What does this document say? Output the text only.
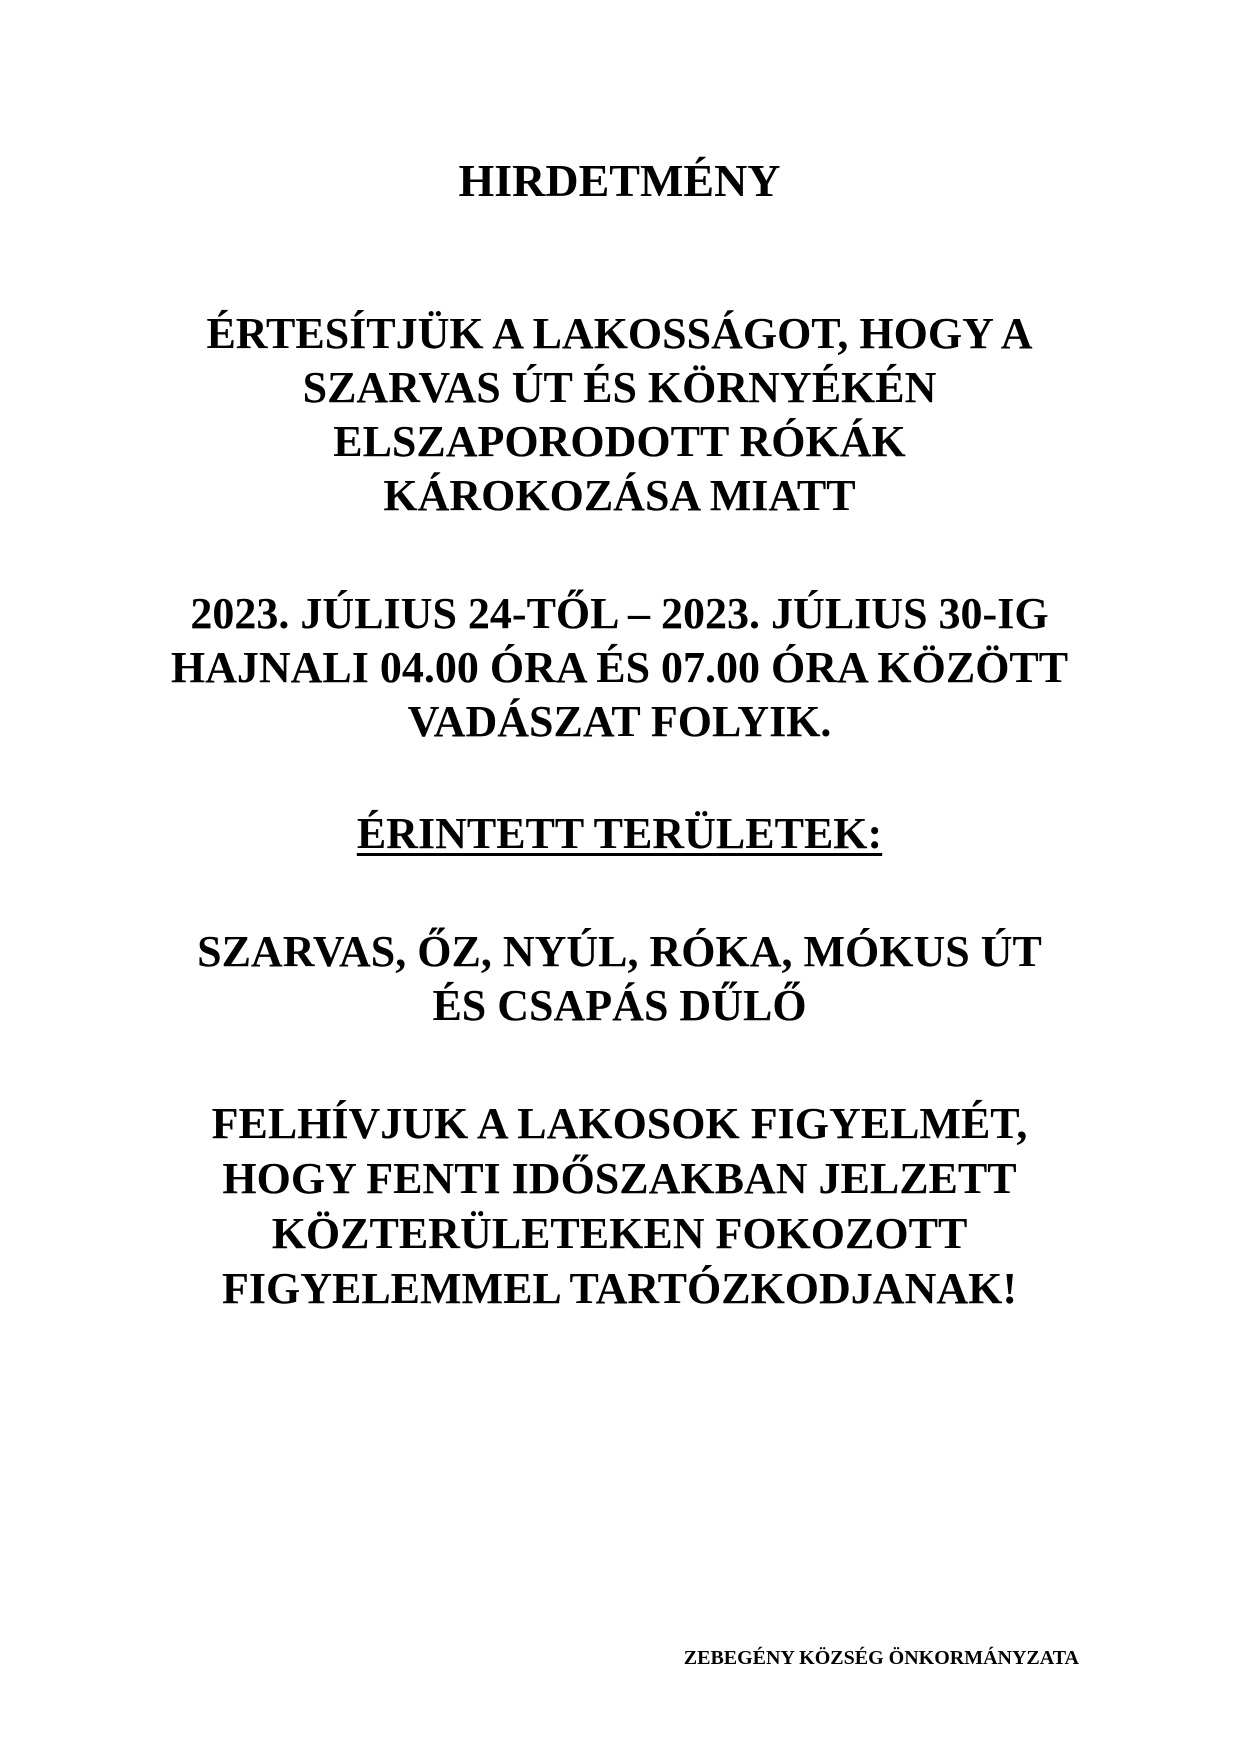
HIRDETMÉNY
ÉRTESÍTJÜK A LAKOSSÁGOT, HOGY A
SZARVAS ÚT ÉS KÖRNYÉKÉN
ELSZAPORODOTT RÓKÁK
KÁROKOZÁSA MIATT
2023. JÚLIUS 24-TŐL – 2023. JÚLIUS 30-IG
HAJNALI 04.00 ÓRA ÉS 07.00 ÓRA KÖZÖTT
VADÁSZAT FOLYIK.
ÉRINTETT TERÜLETEK:
SZARVAS, ŐZ, NYÚL, RÓKA, MÓKUS ÚT
ÉS CSAPÁS DŰLŐ
FELHÍVJUK A LAKOSOK FIGYELMÉT,
HOGY FENTI IDŐSZAKBAN JELZETT
KÖZTERÜLETEKEN FOKOZOTT
FIGYELEMMEL TARTÓZKODJANAK!
ZEBEGÉNY KÖZSÉG ÖNKORMÁNYZATA
